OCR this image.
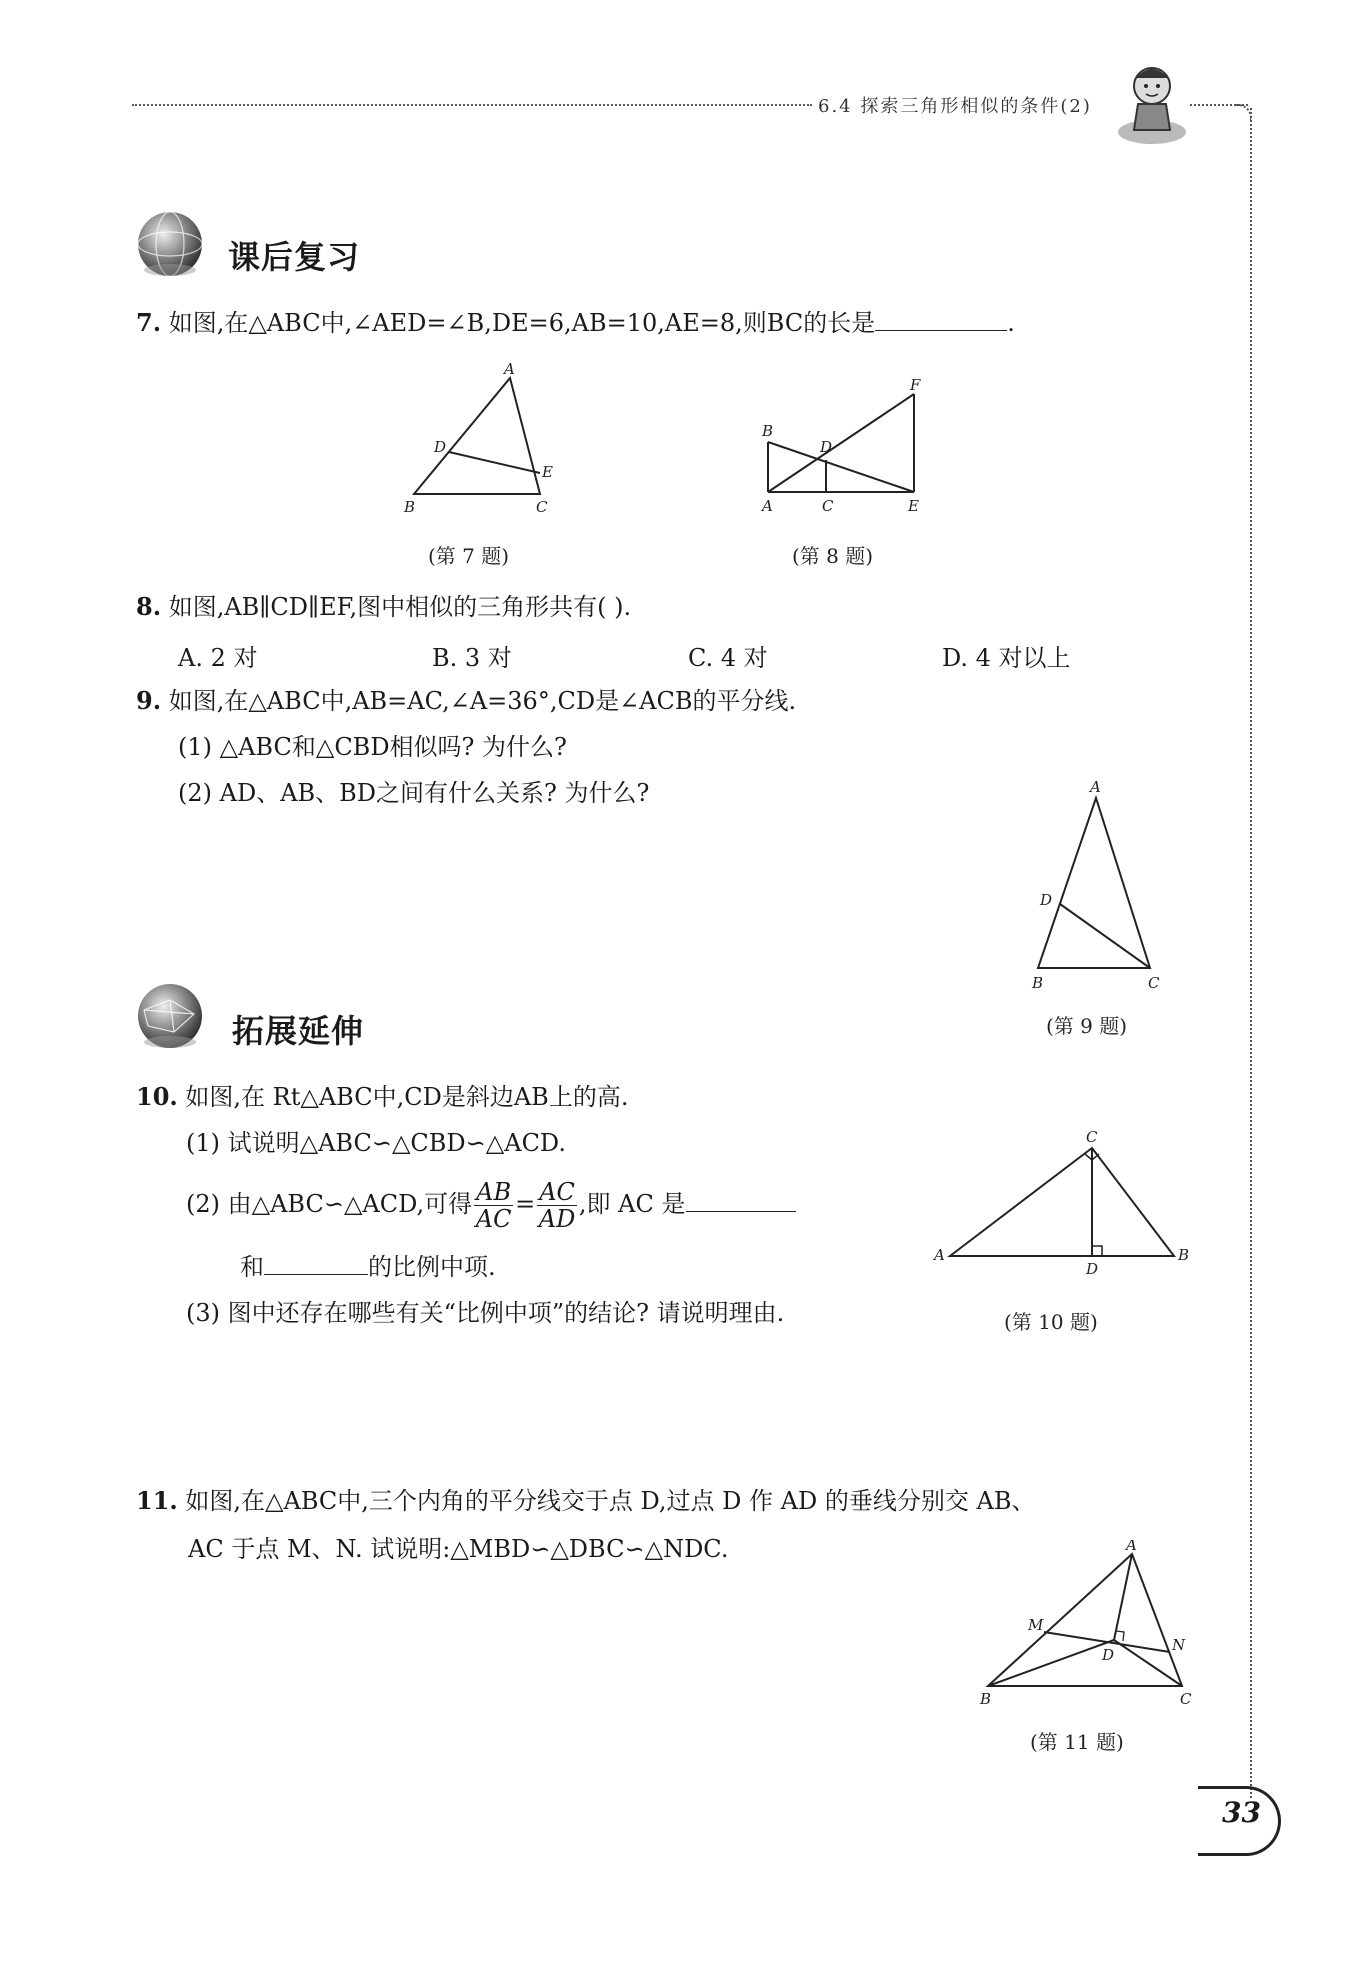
6.4 探索三角形相似的条件(2)
课后复习
7. 如图,在△ABC中,∠AED=∠B,DE=6,AB=10,AE=8,则BC的长是	.
A
B	C
D
E
(第 7 题)
A
B
C
D
E
F
(第 8 题)
8. 如图,AB∥CD∥EF,图中相似的三角形共有( ).
A. 2 对	B. 3 对	C. 4 对	D. 4 对以上
9. 如图,在△ABC中,AB=AC,∠A=36°,CD是∠ACB的平分线.
(1) △ABC和△CBD相似吗? 为什么?
(2) AD、AB、BD之间有什么关系? 为什么?	A
B	C
D
(第 9 题)
拓展延伸
10. 如图,在 Rt△ABC中,CD是斜边AB上的高.
(1) 试说明△ABC∽△CBD∽△ACD.
(2) 由△ABC∽△ACD,可得 $\frac{AB}{AC} = \frac{AC}{AD}$ ,即 AC 是
和	的比例中项.
(3) 图中还存在哪些有关“比例中项”的结论? 请说明理由.
A	B
C
D
(第 10 题)
11. 如图,在△ABC中,三个内角的平分线交于点 D,过点 D 作 AD 的垂线分别交 AB、
AC 于点 M、N. 试说明:△MBD∽△DBC∽△NDC.	A
B	C
D
M
N
(第 11 题)
33
